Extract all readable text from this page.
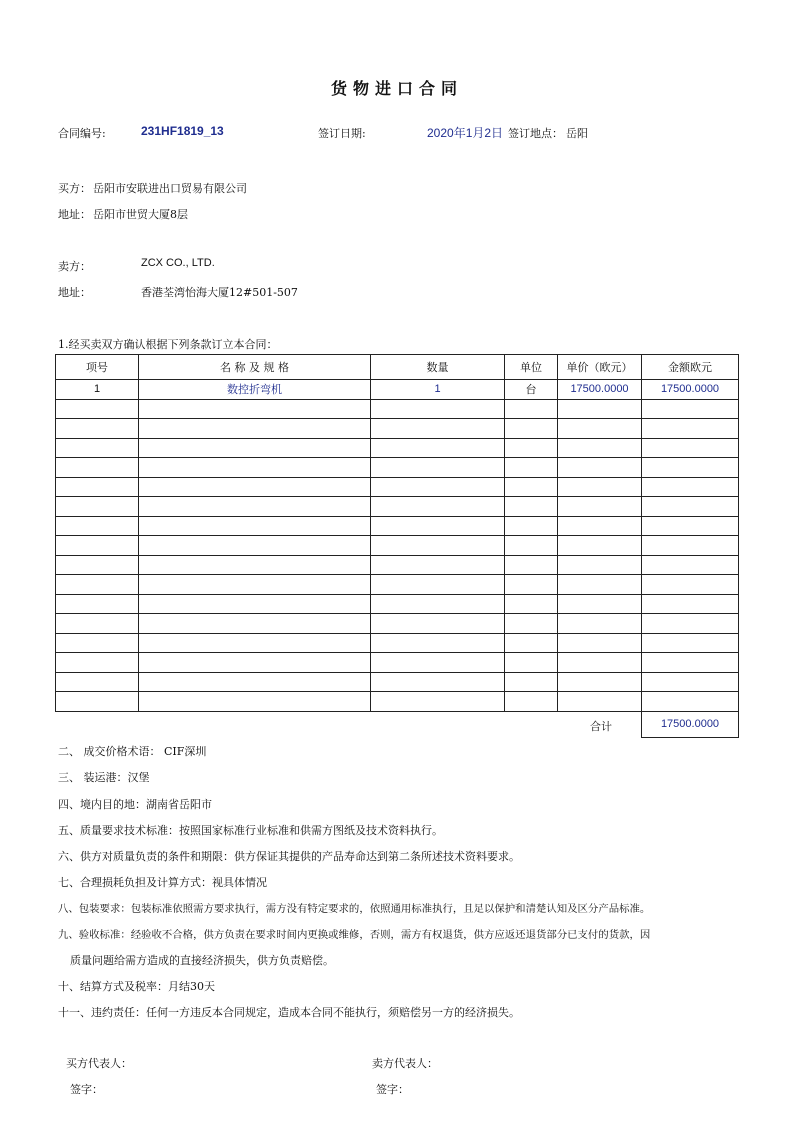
货物进口合同
合同编号:	231HF1819_13	签订日期:	2020年1月2日 签订地点： 岳阳
买方： 岳阳市安联进出口贸易有限公司
地址： 岳阳市世贸大厦8层
卖方：	ZCX CO., LTD.
地址：	香港荃湾怡海大厦12#501-507
1.经买卖双方确认根据下列条款订立本合同：
项号	名 称 及 规 格	数量	单位	单价（欧元）	金额欧元
1	数控折弯机	1	台	17500.0000	17500.0000

合计	17500.0000
二、 成交价格术语： CIF深圳
三、 装运港：汉堡
四、境内目的地：湖南省岳阳市
五、质量要求技术标准：按照国家标准行业标准和供需方图纸及技术资料执行。
六、供方对质量负责的条件和期限：供方保证其提供的产品寿命达到第二条所述技术资料要求。
七、合理损耗负担及计算方式：视具体情况
八、包装要求：包装标准依照需方要求执行，需方没有特定要求的，依照通用标准执行，且足以保护和清楚认知及区分产品标准。
九、验收标准：经验收不合格，供方负责在要求时间内更换或维修，否则，需方有权退货，供方应返还退货部分已支付的货款，因
质量问题给需方造成的直接经济损失，供方负责赔偿。
十、结算方式及税率：月结30天
十一、违约责任：任何一方违反本合同规定，造成本合同不能执行，须赔偿另一方的经济损失。
买方代表人：
签字：
卖方代表人：
签字：
